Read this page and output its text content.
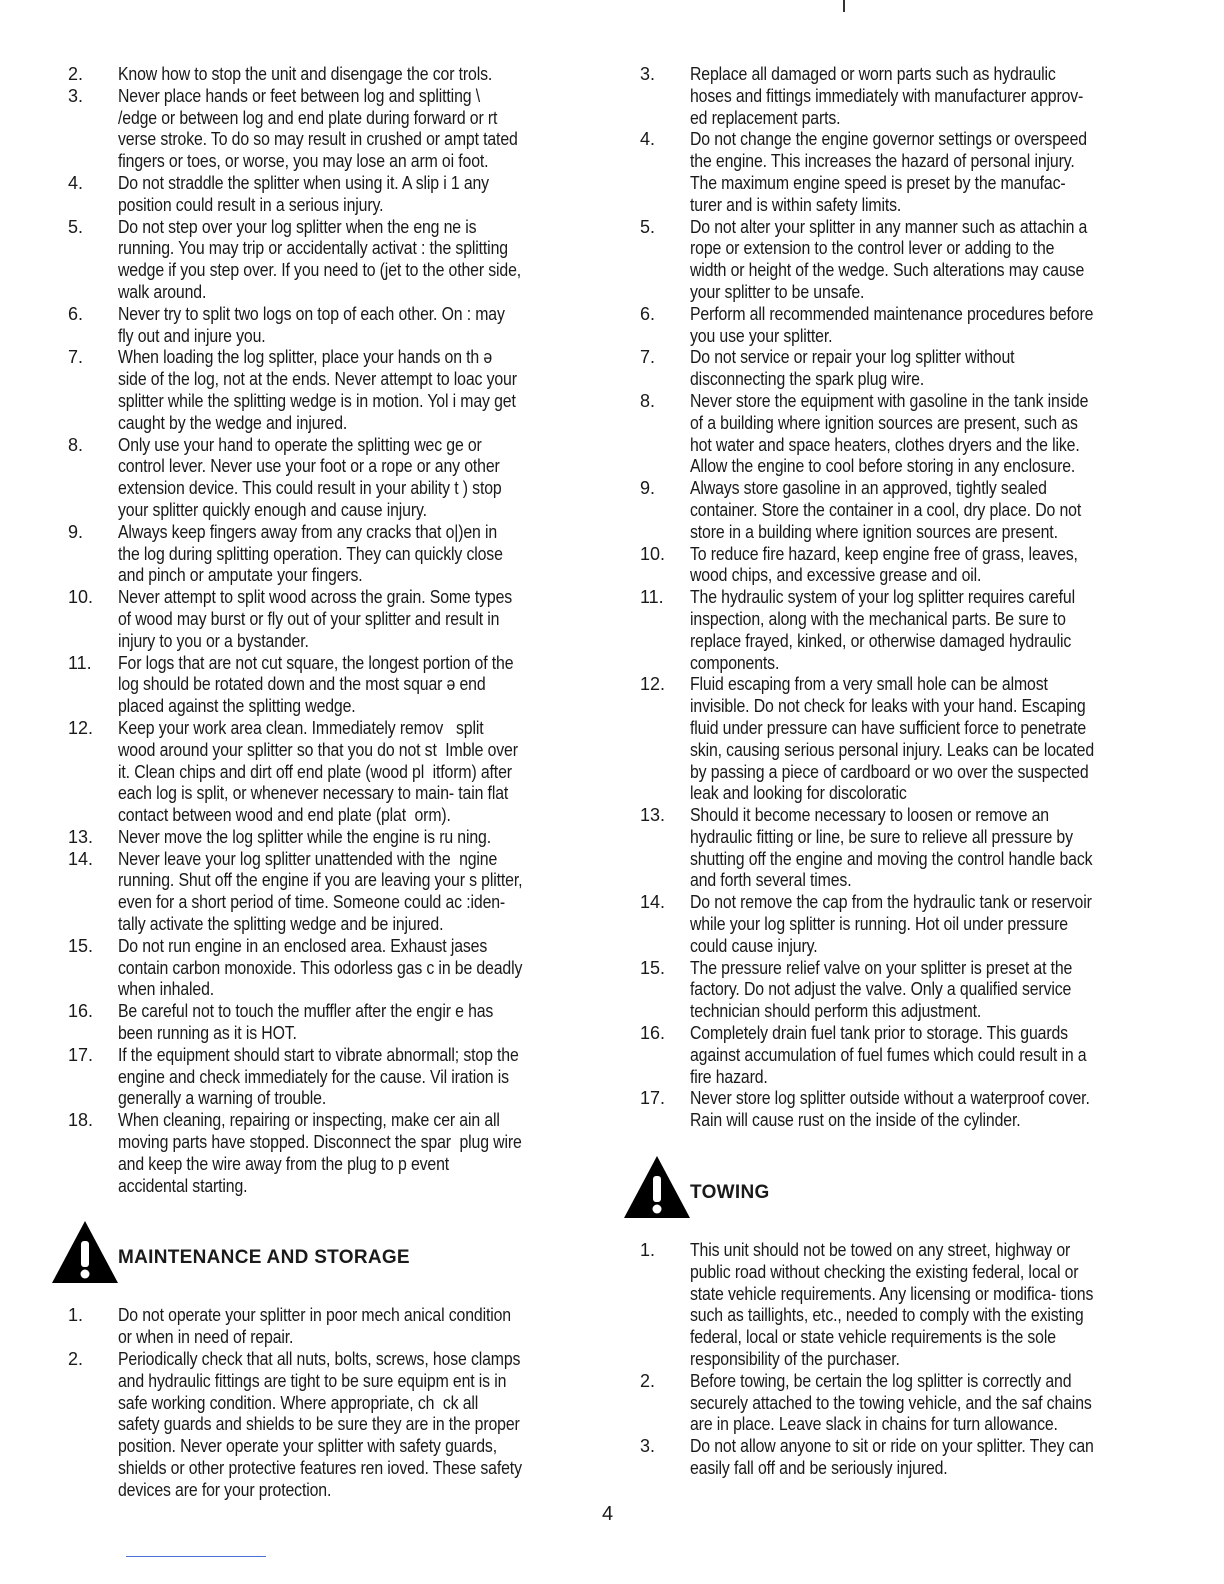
2.	Know how to stop the unit and disengage the cor trols.
3.	Never place hands or feet between log and splitting \ /edge or between log and end plate during forward or rt verse stroke. To do so may result in crushed or ampt tated fingers or toes, or worse, you may lose an arm oi foot.
4.	Do not straddle the splitter when using it. A slip i 1 any position could result in a serious injury.
5.	Do not step over your log splitter when the eng ne is running. You may trip or accidentally activat : the splitting wedge if you step over. If you need to (jet to the other side, walk around.
6.	Never try to split two logs on top of each other. On : may fly out and injure you.
7.	When loading the log splitter, place your hands on th ə side of the log, not at the ends. Never attempt to loac your splitter while the splitting wedge is in motion. Yol i may get caught by the wedge and injured.
8.	Only use your hand to operate the splitting wec ge or control lever. Never use your foot or a rope or any other extension device. This could result in your ability t ) stop your splitter quickly enough and cause injury.
9.	Always keep fingers away from any cracks that o|)en in the log during splitting operation. They can quickly close and pinch or amputate your fingers.
10.	Never attempt to split wood across the grain. Some types of wood may burst or fly out of your splitter and result in injury to you or a bystander.
11.	For logs that are not cut square, the longest portion of the log should be rotated down and the most squar ə end placed against the splitting wedge.
12.	Keep your work area clean. Immediately remov   split wood around your splitter so that you do not st  Imble over it. Clean chips and dirt off end plate (wood pl  itform) after each log is split, or whenever necessary to main- tain flat contact between wood and end plate (plat  orm).
13.	Never move the log splitter while the engine is ru ning.
14.	Never leave your log splitter unattended with the  ngine running. Shut off the engine if you are leaving your s plitter, even for a short period of time. Someone could ac :iden- tally activate the splitting wedge and be injured.
15.	Do not run engine in an enclosed area. Exhaust jases contain carbon monoxide. This odorless gas c in be deadly when inhaled.
16.	Be careful not to touch the muffler after the engir e has been running as it is HOT.
17.	If the equipment should start to vibrate abnormall; stop the engine and check immediately for the cause. Vil iration is generally a warning of trouble.
18.	When cleaning, repairing or inspecting, make cer ain all moving parts have stopped. Disconnect the spar  plug wire and keep the wire away from the plug to p event accidental starting.
MAINTENANCE AND STORAGE
1.	Do not operate your splitter in poor mech anical condition or when in need of repair.
2.	Periodically check that all nuts, bolts, screws, hose clamps and hydraulic fittings are tight to be sure equipm ent is in safe working condition. Where appropriate, ch  ck all safety guards and shields to be sure they are in the proper position. Never operate your splitter with safety guards, shields or other protective features ren ioved. These safety devices are for your protection.
3.	Replace all damaged or worn parts such as hydraulic hoses and fittings immediately with manufacturer approv- ed replacement parts.
4.	Do not change the engine governor settings or overspeed the engine. This increases the hazard of personal injury. The maximum engine speed is preset by the manufac- turer and is within safety limits.
5.	Do not alter your splitter in any manner such as attachin a rope or extension to the control lever or adding to the width or height of the wedge. Such alterations may cause your splitter to be unsafe.
6.	Perform all recommended maintenance procedures before you use your splitter.
7.	Do not service or repair your log splitter without disconnecting the spark plug wire.
8.	Never store the equipment with gasoline in the tank inside of a building where ignition sources are present, such as hot water and space heaters, clothes dryers and the like. Allow the engine to cool before storing in any enclosure.
9.	Always store gasoline in an approved, tightly sealed container. Store the container in a cool, dry place. Do not store in a building where ignition sources are present.
10.	To reduce fire hazard, keep engine free of grass, leaves, wood chips, and excessive grease and oil.
11.	The hydraulic system of your log splitter requires careful inspection, along with the mechanical parts. Be sure to replace frayed, kinked, or otherwise damaged hydraulic components.
12.	Fluid escaping from a very small hole can be almost invisible. Do not check for leaks with your hand. Escaping fluid under pressure can have sufficient force to penetrate skin, causing serious personal injury. Leaks can be located by passing a piece of cardboard or wo over the suspected leak and looking for discoloratic
13.	Should it become necessary to loosen or remove an hydraulic fitting or line, be sure to relieve all pressure by shutting off the engine and moving the control handle back and forth several times.
14.	Do not remove the cap from the hydraulic tank or reservoir while your log splitter is running. Hot oil under pressure could cause injury.
15.	The pressure relief valve on your splitter is preset at the factory. Do not adjust the valve. Only a qualified service technician should perform this adjustment.
16.	Completely drain fuel tank prior to storage. This guards against accumulation of fuel fumes which could result in a fire hazard.
17.	Never store log splitter outside without a waterproof cover. Rain will cause rust on the inside of the cylinder.
TOWING
1.	This unit should not be towed on any street, highway or public road without checking the existing federal, local or state vehicle requirements. Any licensing or modifica- tions such as taillights, etc., needed to comply with the existing federal, local or state vehicle requirements is the sole responsibility of the purchaser.
2.	Before towing, be certain the log splitter is correctly and securely attached to the towing vehicle, and the saf chains are in place. Leave slack in chains for turn allowance.
3.	Do not allow anyone to sit or ride on your splitter. They can easily fall off and be seriously injured.
4
